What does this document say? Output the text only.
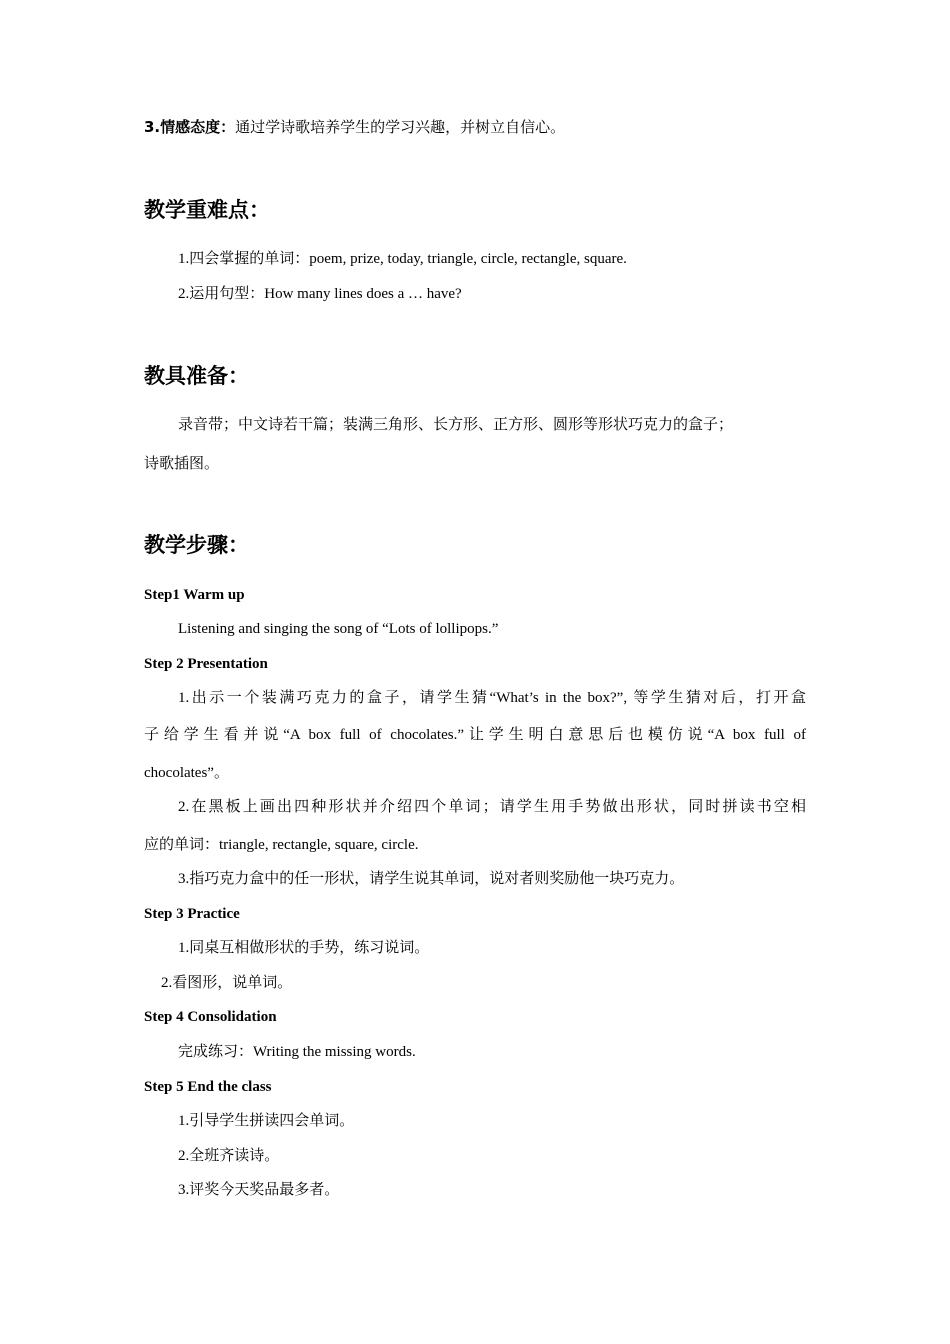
3.情感态度：通过学诗歌培养学生的学习兴趣，并树立自信心。
教学重难点：
1.四会掌握的单词：poem, prize, today, triangle, circle, rectangle, square.
2.运用句型：How many lines does a … have?
教具准备：
录音带；中文诗若干篇；装满三角形、长方形、正方形、圆形等形状巧克力的盒子；
诗歌插图。
教学步骤：
Step1 Warm up
Listening and singing the song of “Lots of lollipops.”
Step 2 Presentation
1.出示一个装满巧克力的盒子，请学生猜“What’s in the box?”, 等学生猜对后，打开盒
子给学生看并说“A box full of chocolates.”让学生明白意思后也模仿说“A box full of
chocolates”。
2.在黑板上画出四种形状并介绍四个单词；请学生用手势做出形状，同时拼读书空相
应的单词：triangle, rectangle, square, circle.
3.指巧克力盒中的任一形状，请学生说其单词，说对者则奖励他一块巧克力。
Step 3 Practice
1.同桌互相做形状的手势，练习说词。
2.看图形，说单词。
Step 4 Consolidation
完成练习：Writing the missing words.
Step 5 End the class
1.引导学生拼读四会单词。
2.全班齐读诗。
3.评奖今天奖品最多者。
